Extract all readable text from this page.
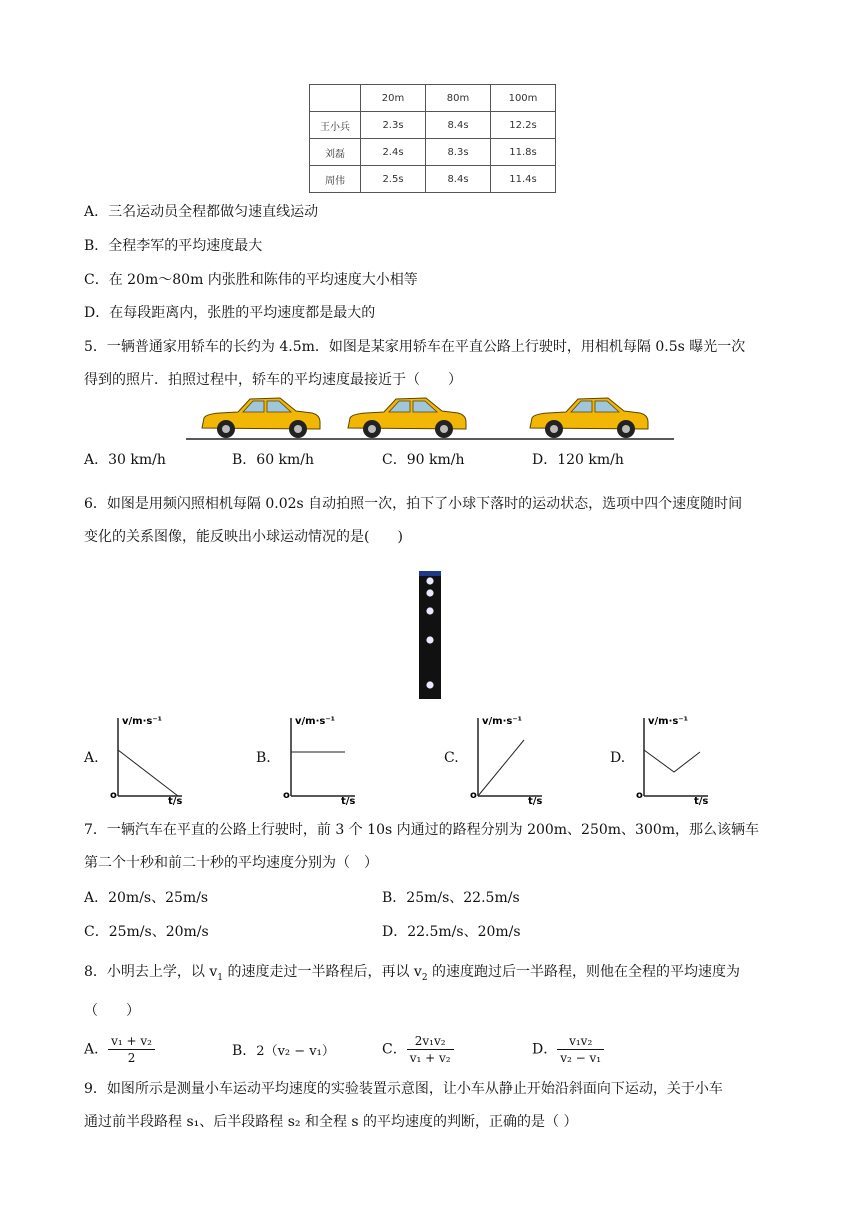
	20m	80m	100m
王小兵	2.3s	8.4s	12.2s
刘磊	2.4s	8.3s	11.8s
周伟	2.5s	8.4s	11.4s
A．三名运动员全程都做匀速直线运动
B．全程李军的平均速度最大
C．在 20m～80m 内张胜和陈伟的平均速度大小相等
D．在每段距离内，张胜的平均速度都是最大的
5．一辆普通家用轿车的长约为 4.5m．如图是某家用轿车在平直公路上行驶时，用相机每隔 0.5s 曝光一次
得到的照片．拍照过程中，轿车的平均速度最接近于（　　）
A．30 km/h	B．60 km/h	C．90 km/h	D．120 km/h
6．如图是用频闪照相机每隔 0.02s 自动拍照一次，拍下了小球下落时的运动状态，选项中四个速度随时间
变化的关系图像，能反映出小球运动情况的是(　　)
A.
v/m·s⁻¹
t/s
o
B.
v/m·s⁻¹
t/s
o
C.
v/m·s⁻¹
t/s
o
D.
v/m·s⁻¹
t/s
o
7．一辆汽车在平直的公路上行驶时，前 3 个 10s 内通过的路程分别为 200m、250m、300m，那么该辆车
第二个十秒和前二十秒的平均速度分别为（　）
A．20m/s、25m/s	B．25m/s、22.5m/s
C．25m/s、20m/s	D．22.5m/s、20m/s
8．小明去上学，以 $v_1$ 的速度走过一半路程后，再以 $v_2$ 的速度跑过后一半路程，则他在全程的平均速度为
（　　）
A． $\frac{\text{v₁ + v₂}}{2}$	B．2（v₂ − v₁）	C． $\frac{\text{2v₁v₂}}{\text{v₁ + v₂}}$	D． $\frac{\text{v₁v₂}}{\text{v₂ − v₁}}$
9．如图所示是测量小车运动平均速度的实验装置示意图，让小车从静止开始沿斜面向下运动，关于小车
通过前半段路程 s₁、后半段路程 s₂ 和全程 s 的平均速度的判断，正确的是（ ）
